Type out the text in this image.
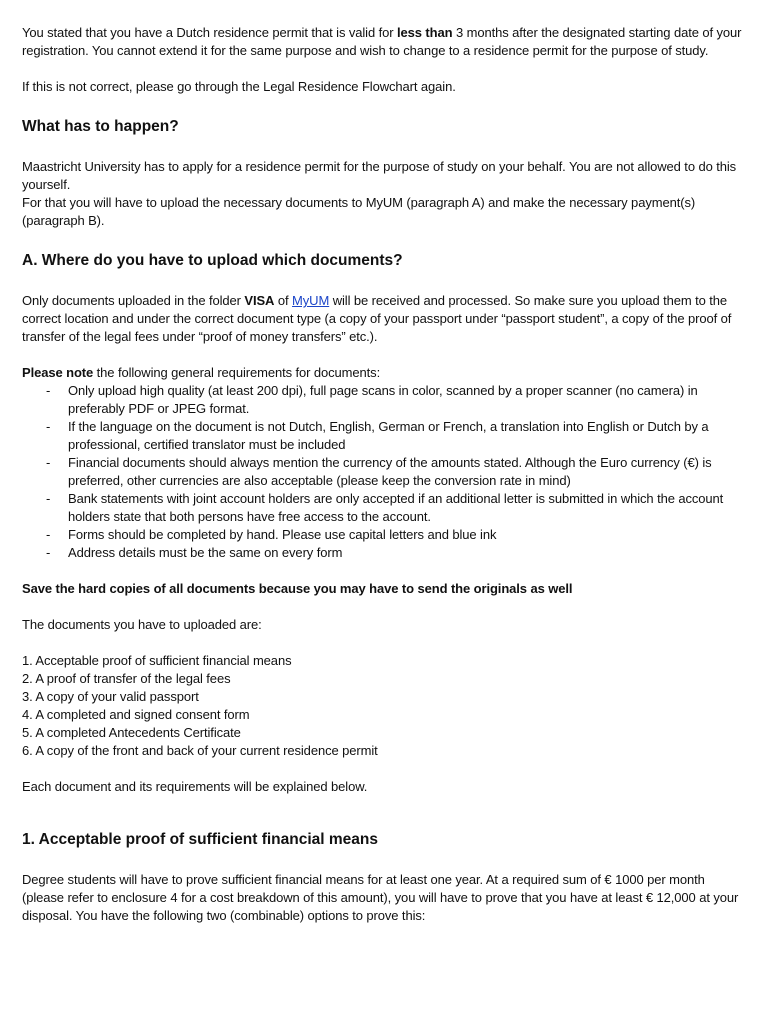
You stated that you have a Dutch residence permit that is valid for less than 3 months after the designated starting date of your registration. You cannot extend it for the same purpose and wish to change to a residence permit for the purpose of study.

If this is not correct, please go through the Legal Residence Flowchart again.

What has to happen?

Maastricht University has to apply for a residence permit for the purpose of study on your behalf. You are not allowed to do this yourself.

For that you will have to upload the necessary documents to MyUM (paragraph A) and make the necessary payment(s) (paragraph B).

A. Where do you have to upload which documents?

Only documents uploaded in the folder VISA of MyUM will be received and processed. So make sure you upload them to the correct location and under the correct document type (a copy of your passport under “passport student”, a copy of the proof of transfer of the legal fees under “proof of money transfers” etc.).

Please note the following general requirements for documents:

- Only upload high quality (at least 200 dpi), full page scans in color, scanned by a proper scanner (no camera) in preferably PDF or JPEG format.
- If the language on the document is not Dutch, English, German or French, a translation into English or Dutch by a professional, certified translator must be included
- Financial documents should always mention the currency of the amounts stated. Although the Euro currency (€) is preferred, other currencies are also acceptable (please keep the conversion rate in mind)
- Bank statements with joint account holders are only accepted if an additional letter is submitted in which the account holders state that both persons have free access to the account.
- Forms should be completed by hand. Please use capital letters and blue ink
- Address details must be the same on every form

Save the hard copies of all documents because you may have to send the originals as well

The documents you have to uploaded are:

1. Acceptable proof of sufficient financial means
2. A proof of transfer of the legal fees
3. A copy of your valid passport
4. A completed and signed consent form
5. A completed Antecedents Certificate
6. A copy of the front and back of your current residence permit

Each document and its requirements will be explained below.

1. Acceptable proof of sufficient financial means

Degree students will have to prove sufficient financial means for at least one year. At a required sum of € 1000 per month (please refer to enclosure 4 for a cost breakdown of this amount), you will have to prove that you have at least € 12,000 at your disposal. You have the following two (combinable) options to prove this:
